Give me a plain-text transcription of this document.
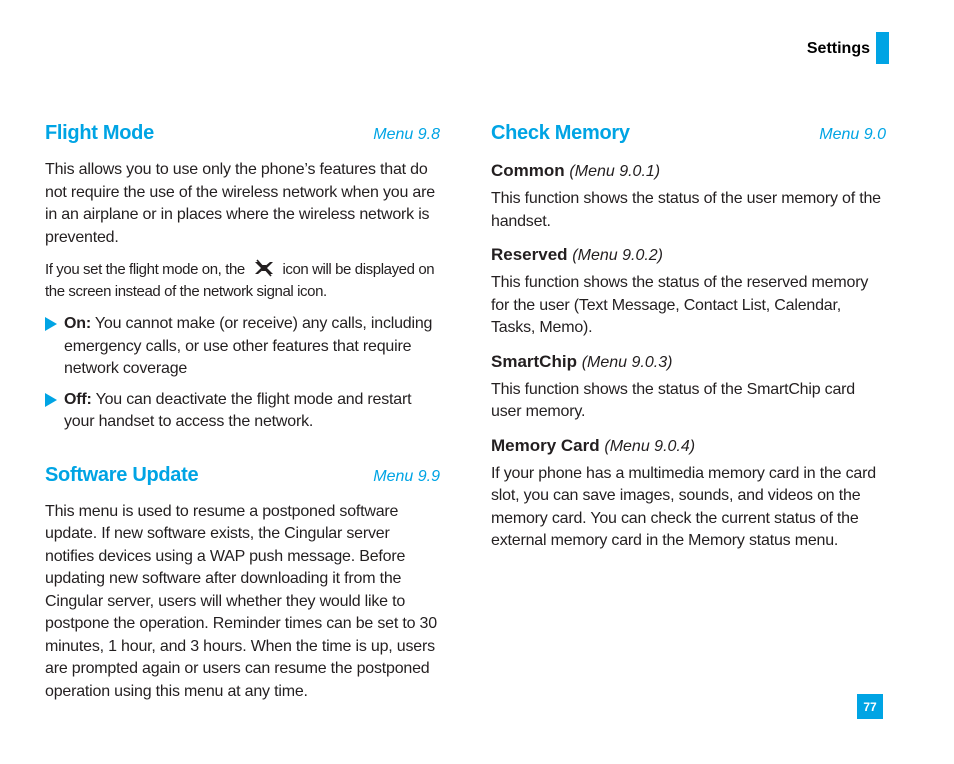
Settings
Flight Mode	Menu 9.8

This allows you to use only the phone’s features that do not require the use of the wireless network when you are in an airplane or in places where the wireless network is prevented.

If you set the flight mode on, the	icon will be displayed on the screen instead of the network signal icon.

On: You cannot make (or receive) any calls, including emergency calls, or use other features that require network coverage
Off: You can deactivate the flight mode and restart your handset to access the network.
Software Update	Menu 9.9

This menu is used to resume a postponed software update. If new software exists, the Cingular server notifies devices using a WAP push message. Before updating new software after downloading it from the Cingular server, users will whether they would like to postpone the operation. Reminder times can be set to 30 minutes, 1 hour, and 3 hours. When the time is up, users are prompted again or users can resume the postponed operation using this menu at any time.

Check Memory	Menu 9.0
Common (Menu 9.0.1)

This function shows the status of the user memory of the handset.

Reserved (Menu 9.0.2)

This function shows the status of the reserved memory for the user (Text Message, Contact List, Calendar, Tasks, Memo).

SmartChip (Menu 9.0.3)

This function shows the status of the SmartChip card user memory.

Memory Card (Menu 9.0.4)

If your phone has a multimedia memory card in the card slot, you can save images, sounds, and videos on the memory card. You can check the current status of the external memory card in the Memory status menu.

77
